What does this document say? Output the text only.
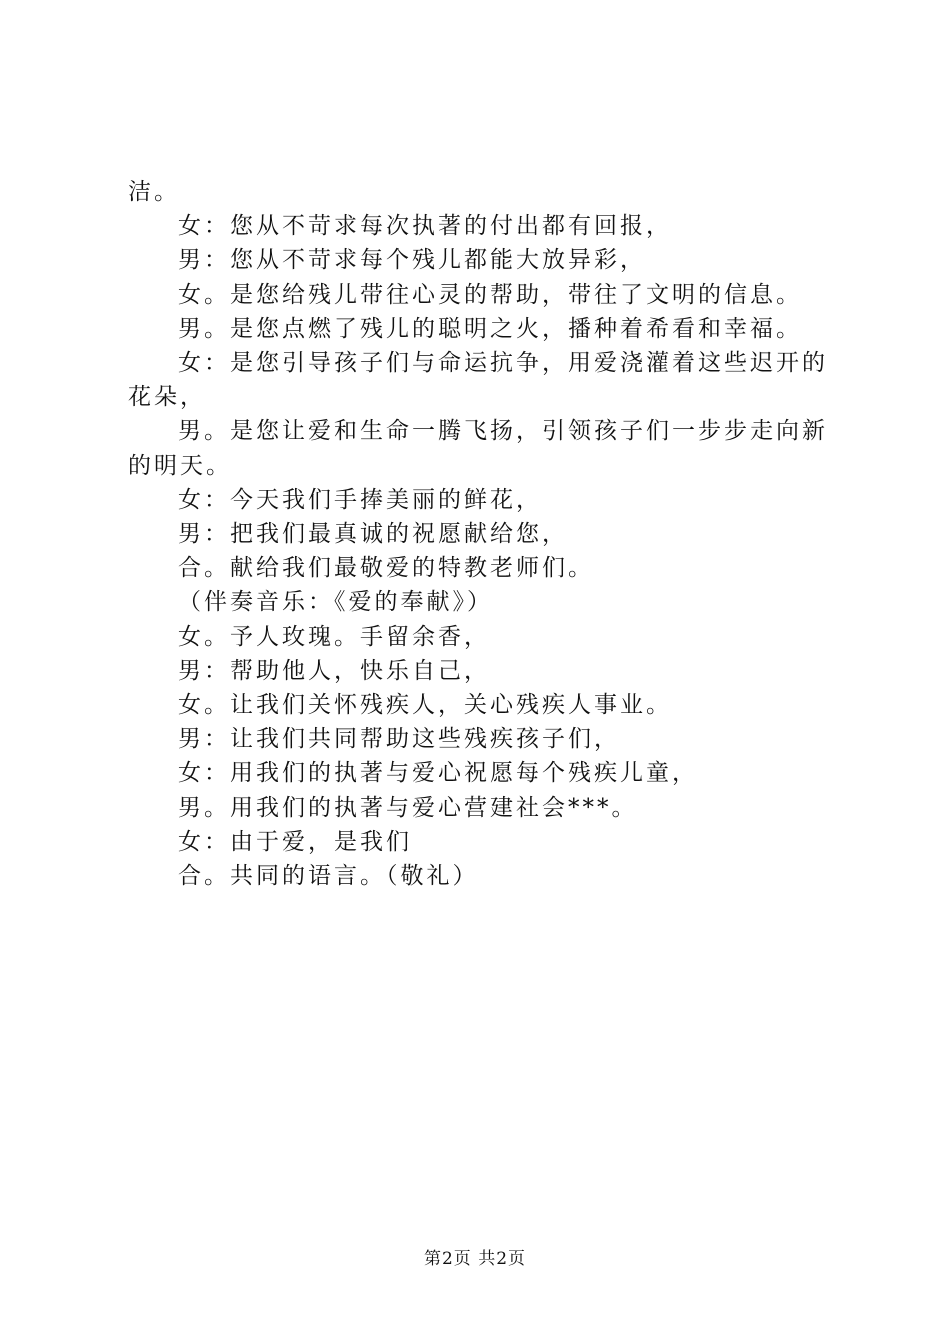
洁。

女：您从不苛求每次执著的付出都有回报，

男：您从不苛求每个残儿都能大放异彩，

女。是您给残儿带往心灵的帮助，带往了文明的信息。

男。是您点燃了残儿的聪明之火，播种着希看和幸福。

女：是您引导孩子们与命运抗争，用爱浇灌着这些迟开的花朵，

男。是您让爱和生命一腾飞扬，引领孩子们一步步走向新的明天。

女：今天我们手捧美丽的鲜花，

男：把我们最真诚的祝愿献给您，

合。献给我们最敬爱的特教老师们。

（伴奏音乐：《爱的奉献》）

女。予人玫瑰。手留余香，

男：帮助他人，快乐自己，

女。让我们关怀残疾人，关心残疾人事业。

男：让我们共同帮助这些残疾孩子们，

女：用我们的执著与爱心祝愿每个残疾儿童，

男。用我们的执著与爱心营建社会***。

女：由于爱，是我们

合。共同的语言。（敬礼）

第2页 共2页
